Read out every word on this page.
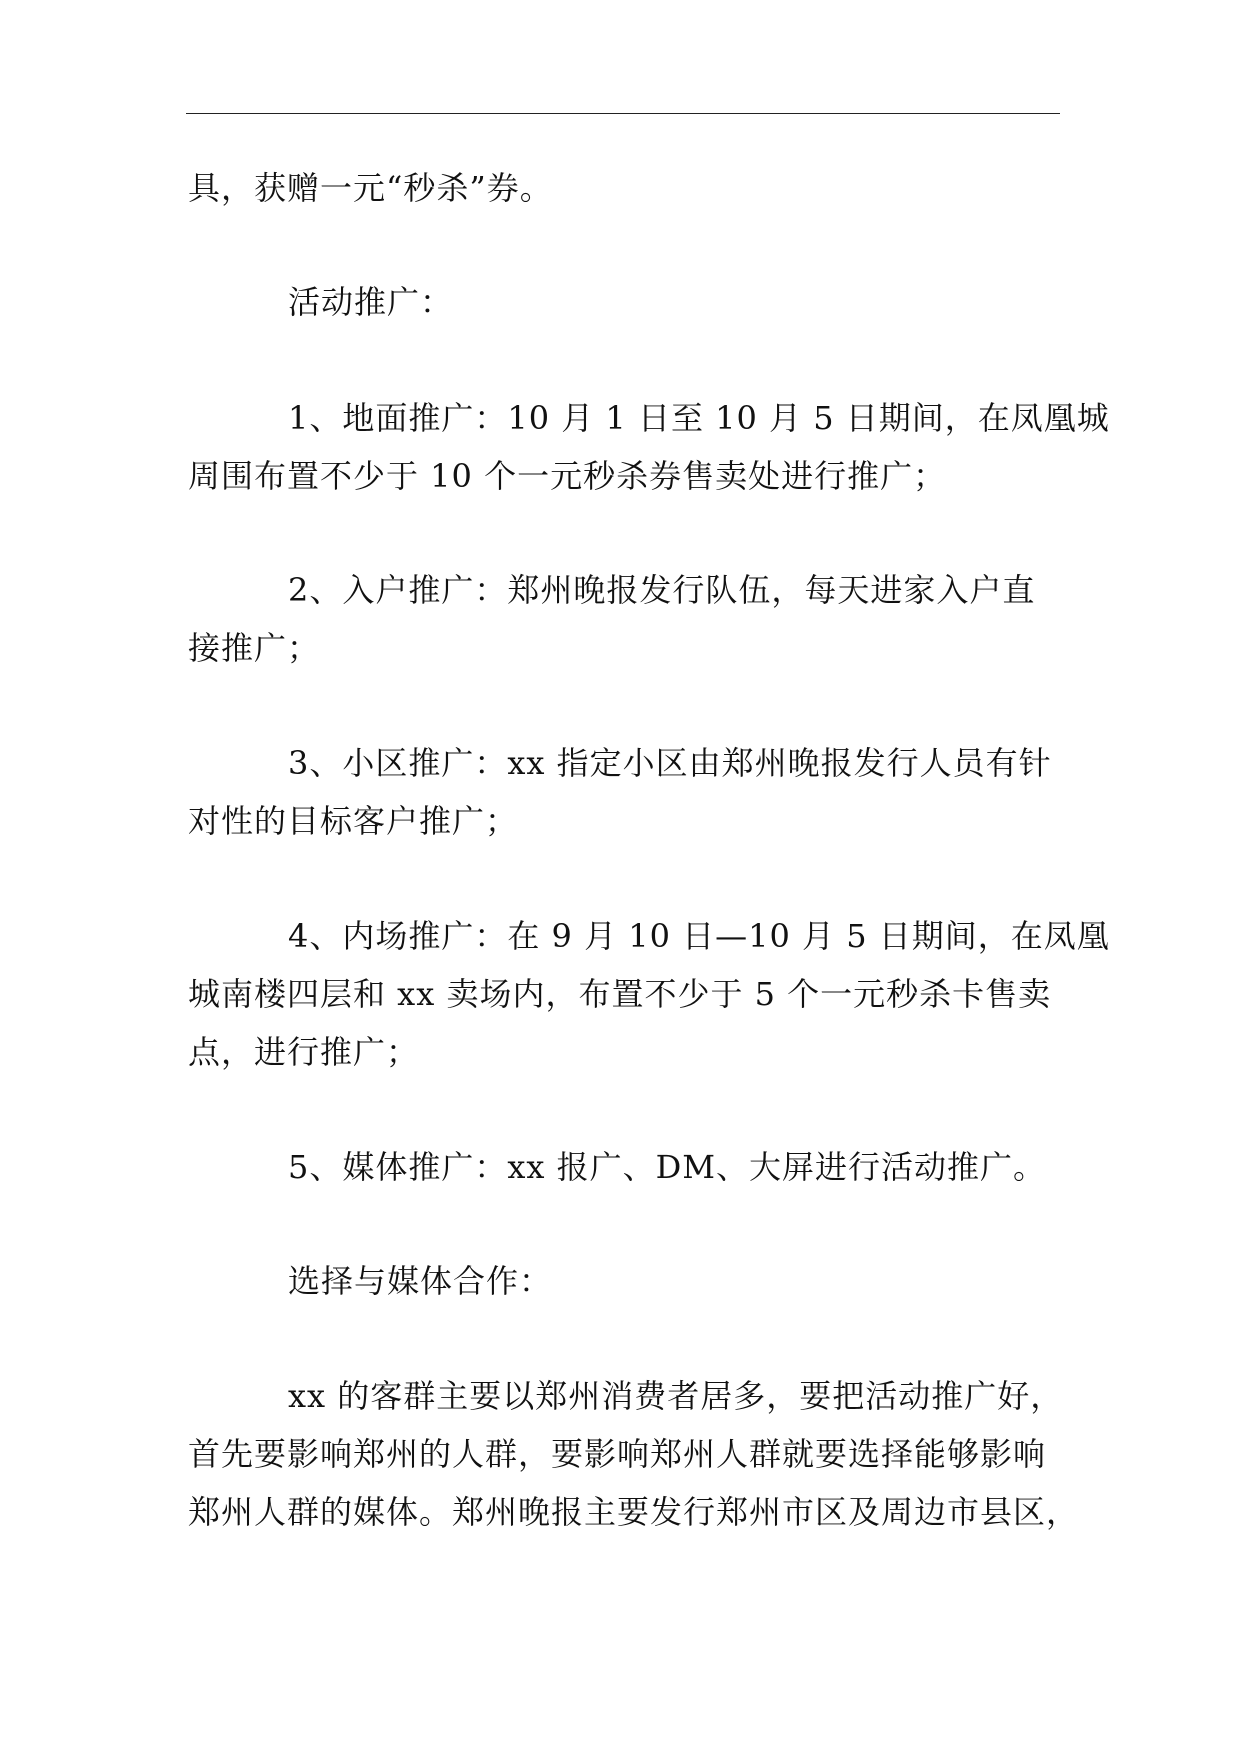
具，获赠一元“秒杀”券。
活动推广：
1、地面推广：10 月 1 日至 10 月 5 日期间，在凤凰城
周围布置不少于 10 个一元秒杀券售卖处进行推广；
2、入户推广：郑州晚报发行队伍，每天进家入户直
接推广；
3、小区推广：xx 指定小区由郑州晚报发行人员有针
对性的目标客户推广；
4、内场推广：在 9 月 10 日—10 月 5 日期间，在凤凰
城南楼四层和 xx 卖场内，布置不少于 5 个一元秒杀卡售卖
点，进行推广；
5、媒体推广：xx 报广、DM、大屏进行活动推广。
选择与媒体合作：
xx 的客群主要以郑州消费者居多，要把活动推广好，
首先要影响郑州的人群，要影响郑州人群就要选择能够影响
郑州人群的媒体。郑州晚报主要发行郑州市区及周边市县区，
